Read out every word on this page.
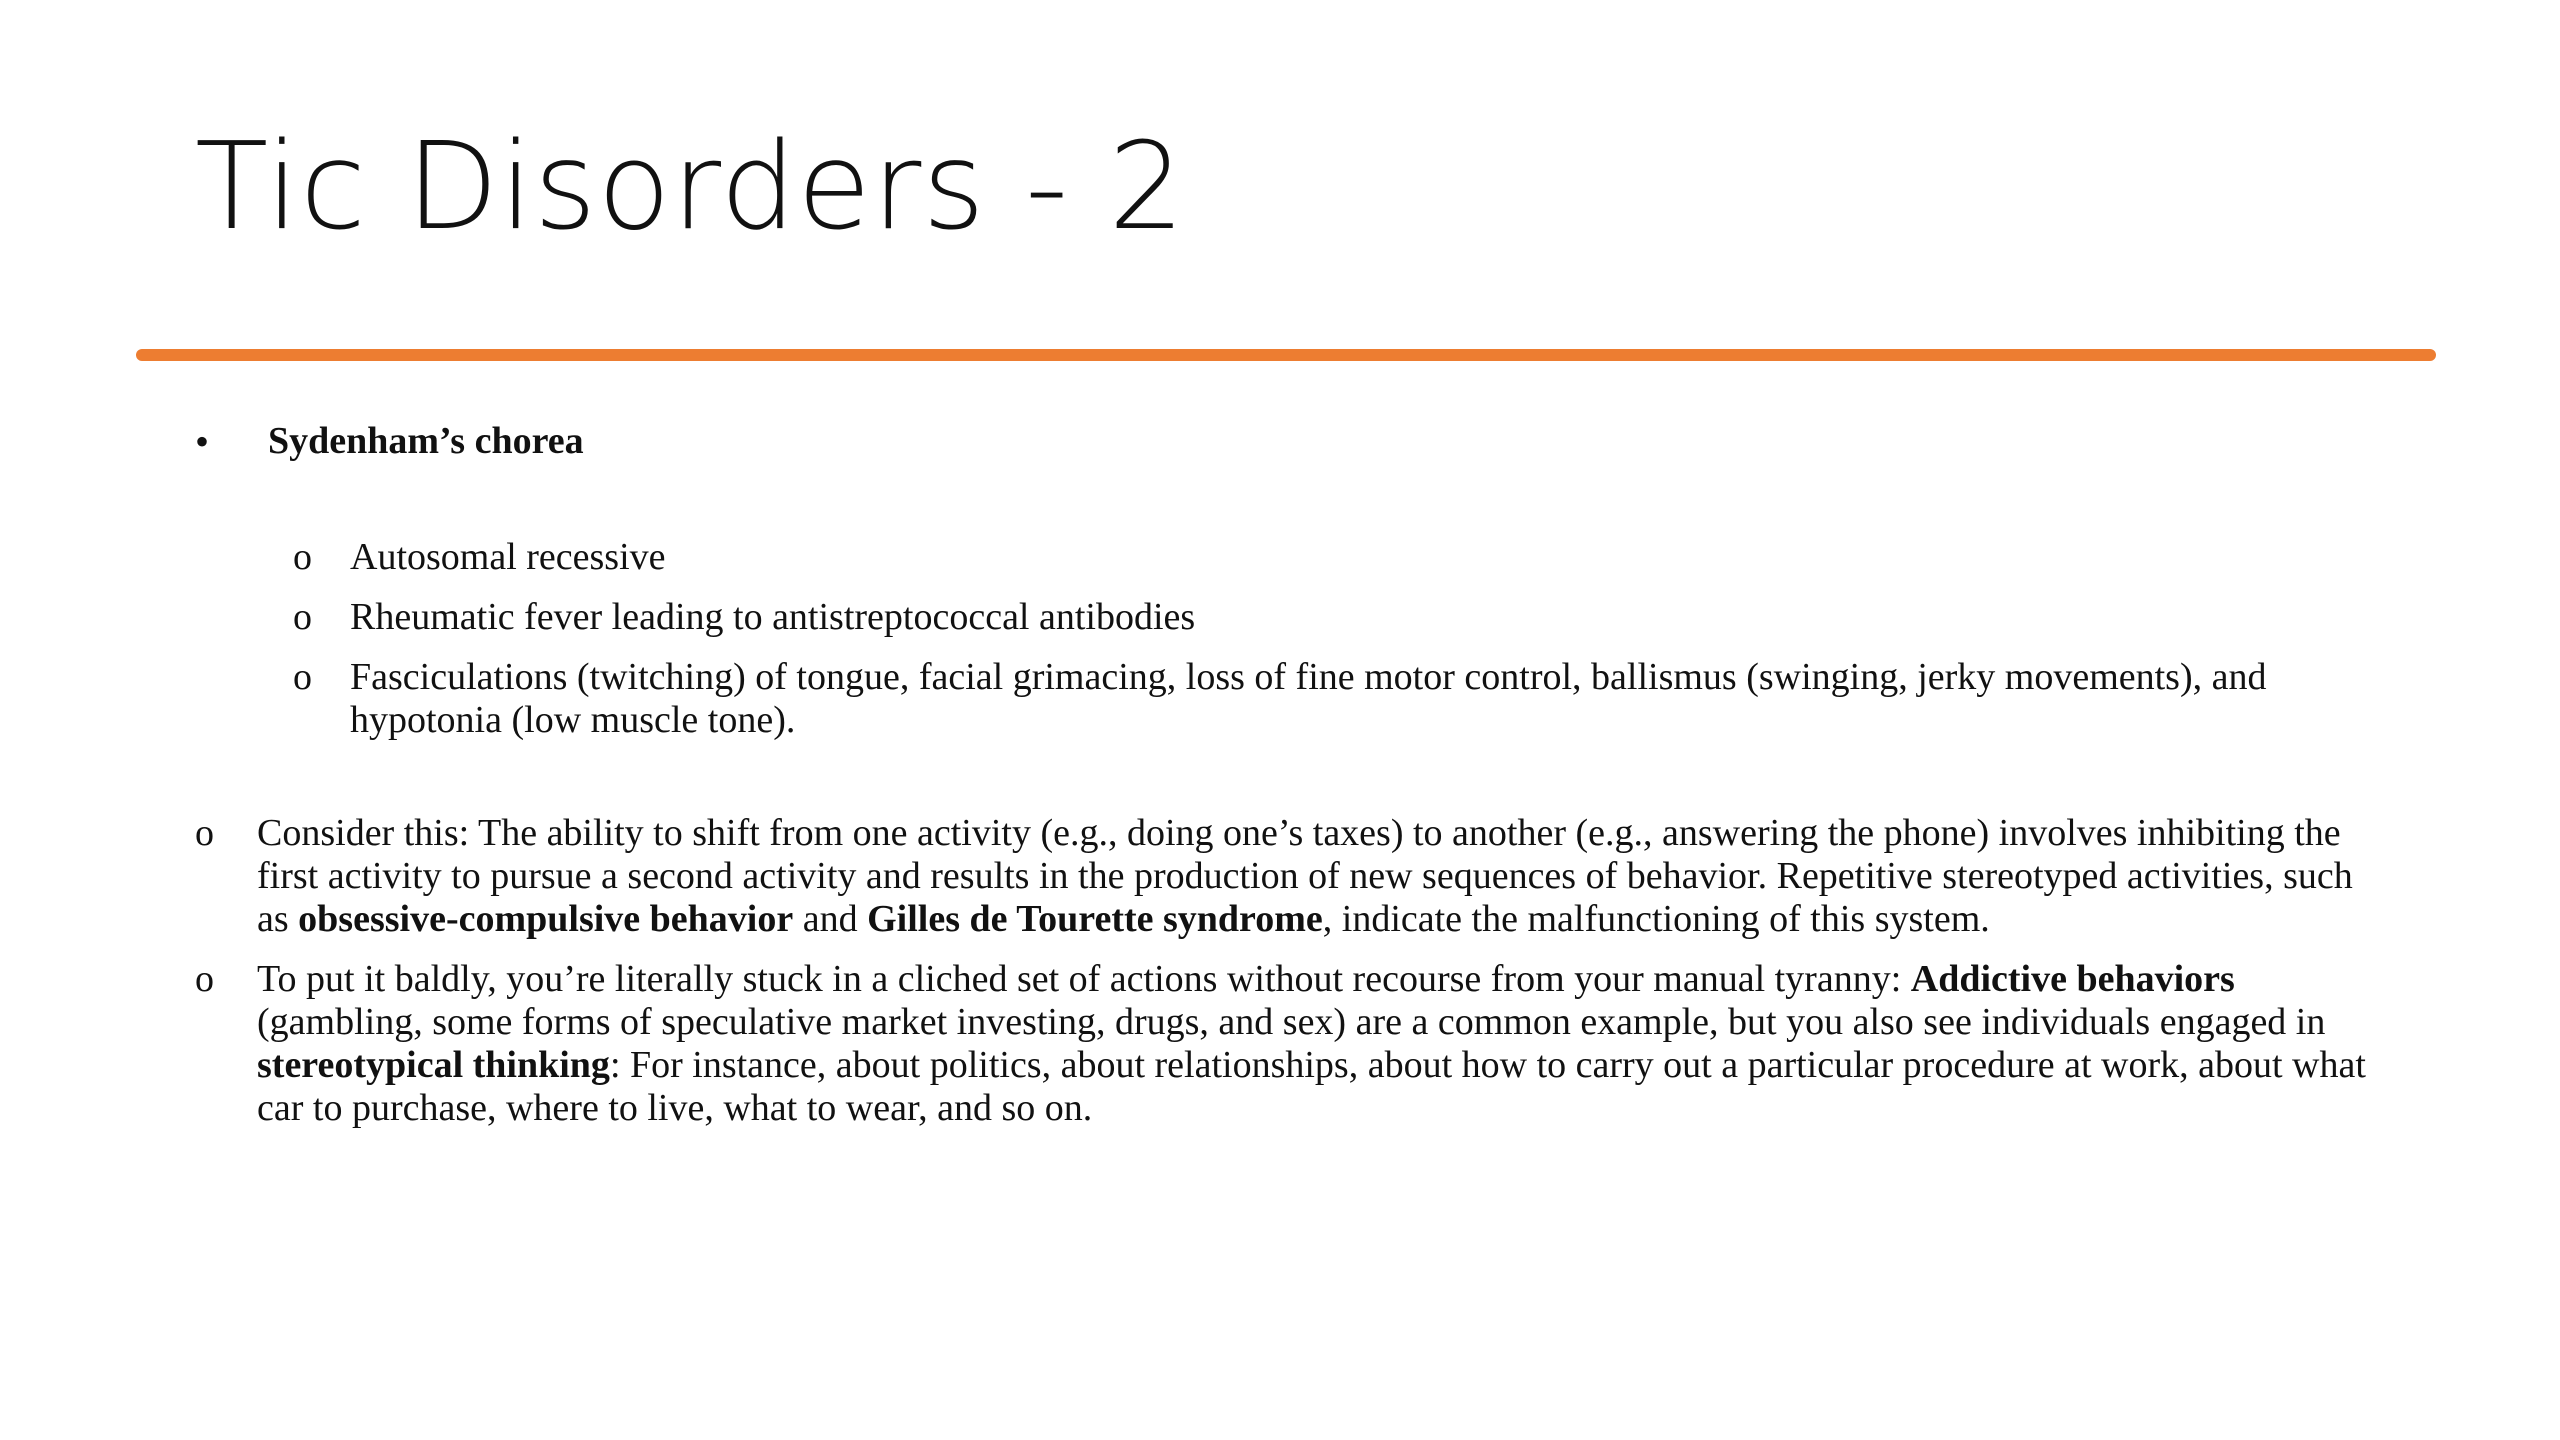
Tic Disorders - 2
•	Sydenham’s chorea
o	Autosomal recessive
o	Rheumatic fever leading to antistreptococcal antibodies
o	Fasciculations (twitching) of tongue, facial grimacing, loss of fine motor control, ballismus (swinging, jerky movements), and hypotonia (low muscle tone).
o	Consider this: The ability to shift from one activity (e.g., doing one’s taxes) to another (e.g., answering the phone) involves inhibiting the first activity to pursue a second activity and results in the production of new sequences of behavior. Repetitive stereotyped activities, such as obsessive-compulsive behavior and Gilles de Tourette syndrome, indicate the malfunctioning of this system.
o	To put it baldly, you’re literally stuck in a cliched set of actions without recourse from your manual tyranny: Addictive behaviors (gambling, some forms of speculative market investing, drugs, and sex) are a common example, but you also see individuals engaged in stereotypical thinking: For instance, about politics, about relationships, about how to carry out a particular procedure at work, about what car to purchase, where to live, what to wear, and so on.
